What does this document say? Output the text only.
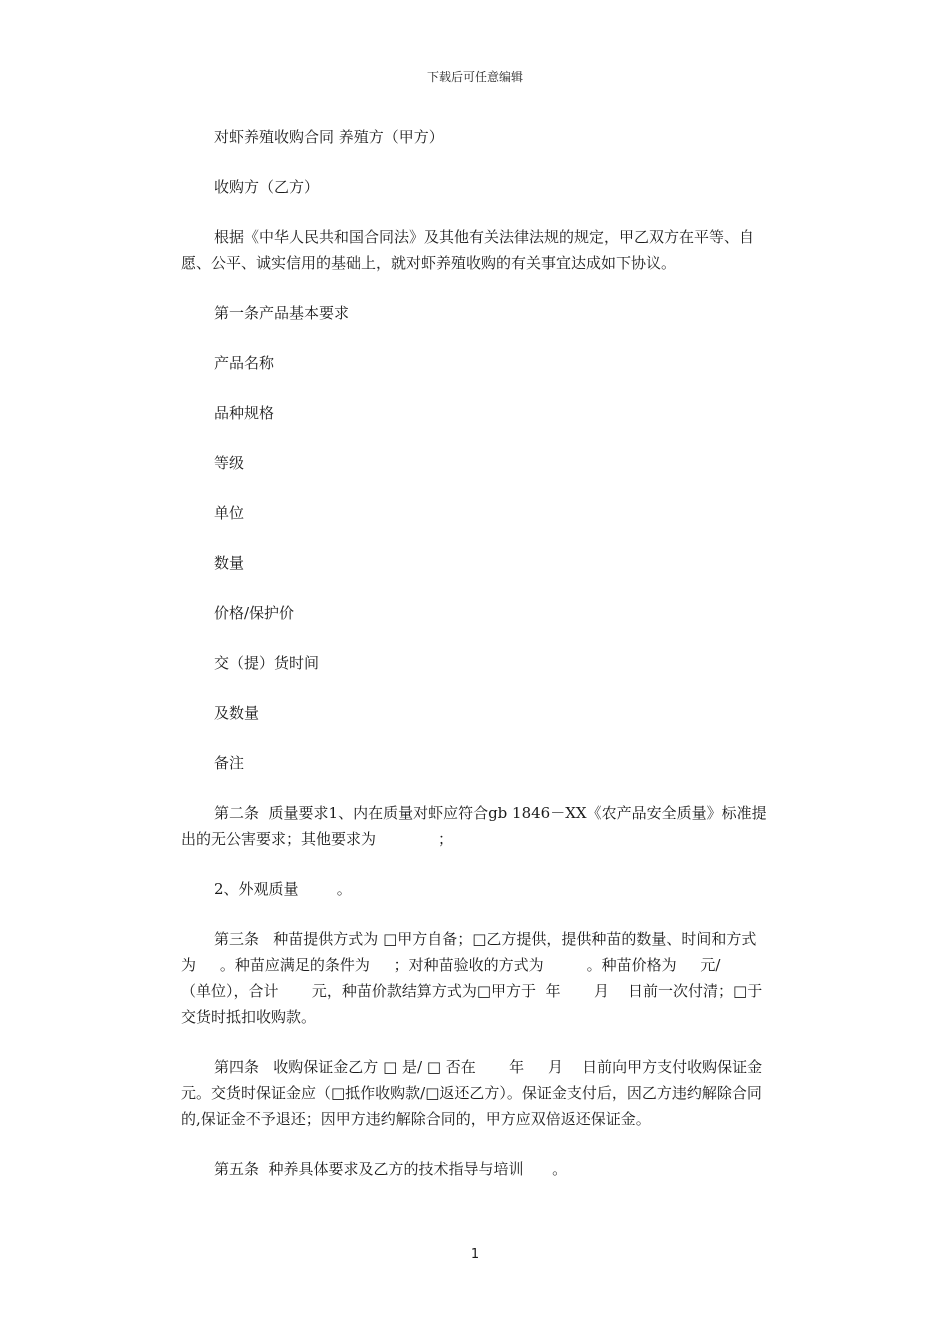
下载后可任意编辑

对虾养殖收购合同 养殖方（甲方）

收购方（乙方）

根据《中华人民共和国合同法》及其他有关法律法规的规定，甲乙双方在平等、自愿、公平、诚实信用的基础上，就对虾养殖收购的有关事宜达成如下协议。

第一条产品基本要求

产品名称

品种规格

等级

单位

数量

价格/保护价

交（提）货时间

及数量

备注

第二条  质量要求1、内在质量对虾应符合gb 1846－XX《农产品安全质量》标准提出的无公害要求；其他要求为             ；

2、外观质量        。

第三条   种苗提供方式为 □甲方自备；□乙方提供，提供种苗的数量、时间和方式为     。种苗应满足的条件为     ；对种苗验收的方式为         。种苗价格为     元/      （单位），合计       元，种苗价款结算方式为□甲方于  年       月    日前一次付清；□于交货时抵扣收购款。

第四条   收购保证金乙方 □ 是/ □ 否在       年     月    日前向甲方支付收购保证金        元。交货时保证金应（□抵作收购款/□返还乙方）。保证金支付后，因乙方违约解除合同的,保证金不予退还；因甲方违约解除合同的，甲方应双倍返还保证金。

第五条  种养具体要求及乙方的技术指导与培训      。

1
